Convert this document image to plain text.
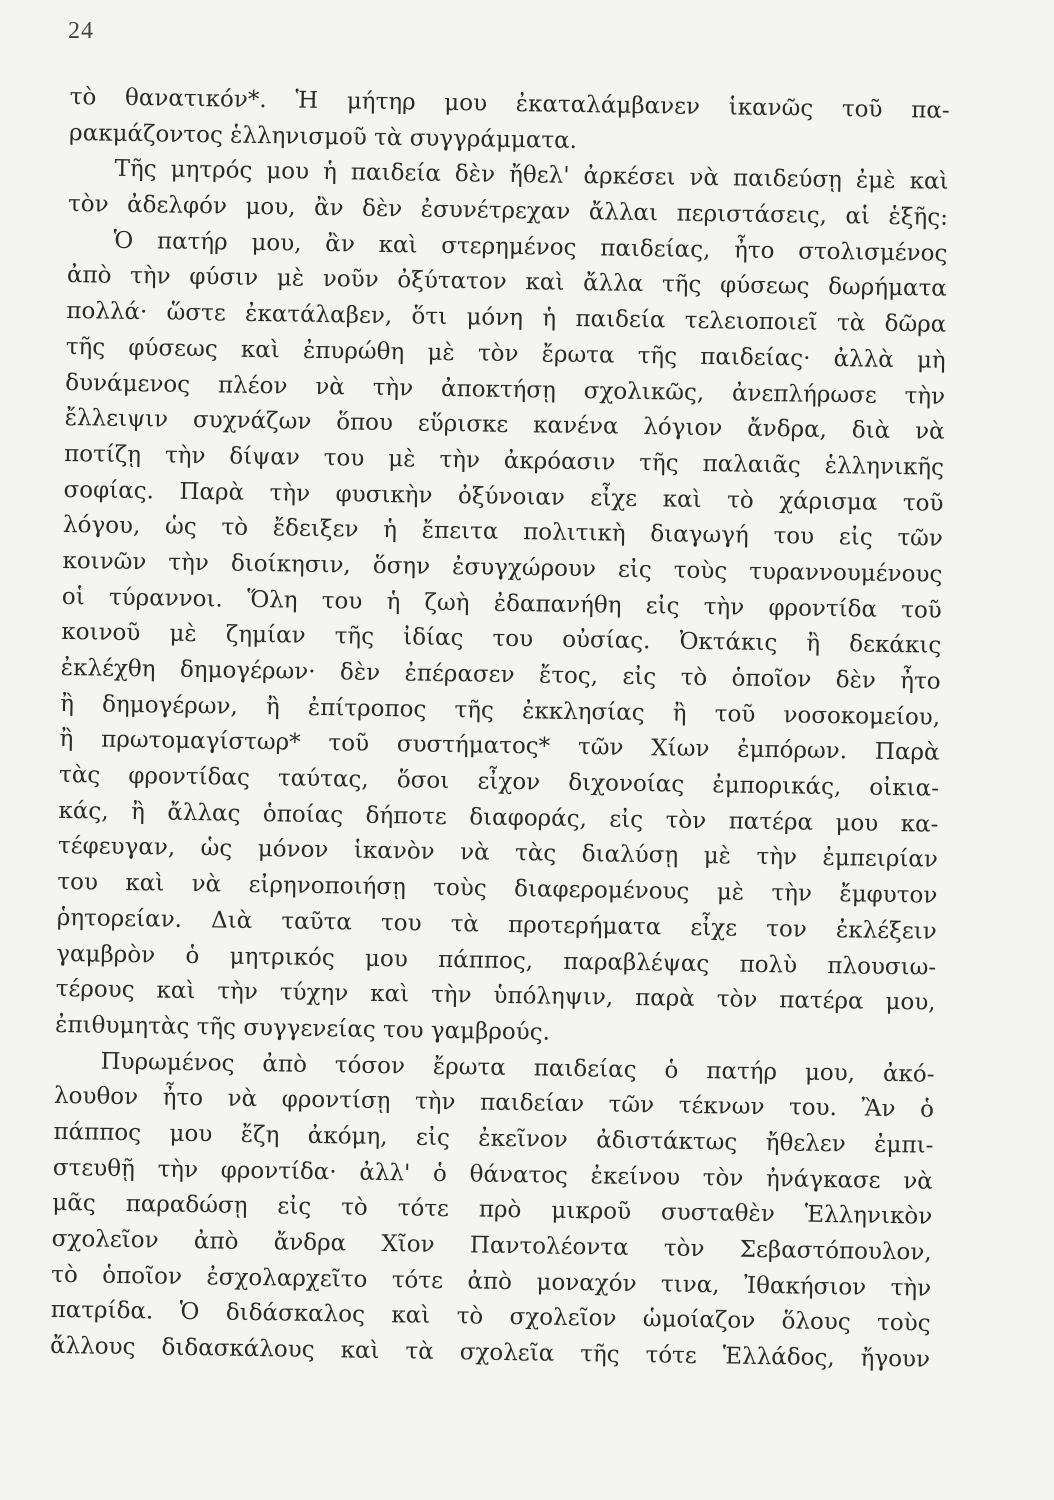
24
τὸ θανατικόν*. Ἡ μήτηρ μου ἐκαταλάμβανεν ἱκανῶς τοῦ πα-
ρακμάζοντος ἑλληνισμοῦ τὰ συγγράμματα.
Τῆς μητρός μου ἡ παιδεία δὲν ἤθελ' ἀρκέσει νὰ παιδεύσῃ ἐμὲ καὶ
τὸν ἀδελφόν μου, ἂν δὲν ἐσυνέτρεχαν ἄλλαι περιστάσεις, αἱ ἑξῆς:
Ὁ πατήρ μου, ἂν καὶ στερημένος παιδείας, ἦτο στολισμένος
ἀπὸ τὴν φύσιν μὲ νοῦν ὀξύτατον καὶ ἄλλα τῆς φύσεως δωρήματα
πολλά· ὥστε ἐκατάλαβεν, ὅτι μόνη ἡ παιδεία τελειοποιεῖ τὰ δῶρα
τῆς φύσεως καὶ ἐπυρώθη μὲ τὸν ἔρωτα τῆς παιδείας· ἀλλὰ μὴ
δυνάμενος πλέον νὰ τὴν ἀποκτήσῃ σχολικῶς, ἀνεπλήρωσε τὴν
ἔλλειψιν συχνάζων ὅπου εὕρισκε κανένα λόγιον ἄνδρα, διὰ νὰ
ποτίζῃ τὴν δίψαν του μὲ τὴν ἀκρόασιν τῆς παλαιᾶς ἑλληνικῆς
σοφίας. Παρὰ τὴν φυσικὴν ὀξύνοιαν εἶχε καὶ τὸ χάρισμα τοῦ
λόγου, ὡς τὸ ἔδειξεν ἡ ἔπειτα πολιτικὴ διαγωγή του εἰς τῶν
κοινῶν τὴν διοίκησιν, ὅσην ἐσυγχώρουν εἰς τοὺς τυραννουμένους
οἱ τύραννοι. Ὅλη του ἡ ζωὴ ἐδαπανήθη εἰς τὴν φροντίδα τοῦ
κοινοῦ μὲ ζημίαν τῆς ἰδίας του οὐσίας. Ὀκτάκις ἢ δεκάκις
ἐκλέχθη δημογέρων· δὲν ἐπέρασεν ἔτος, εἰς τὸ ὁποῖον δὲν ἦτο
ἢ δημογέρων, ἢ ἐπίτροπος τῆς ἐκκλησίας ἢ τοῦ νοσοκομείου,
ἢ πρωτομαγίστωρ* τοῦ συστήματος* τῶν Χίων ἐμπόρων. Παρὰ
τὰς φροντίδας ταύτας, ὅσοι εἶχον διχονοίας ἐμπορικάς, οἰκια-
κάς, ἢ ἄλλας ὁποίας δήποτε διαφοράς, εἰς τὸν πατέρα μου κα-
τέφευγαν, ὡς μόνον ἱκανὸν νὰ τὰς διαλύσῃ μὲ τὴν ἐμπειρίαν
του καὶ νὰ εἰρηνοποιήσῃ τοὺς διαφερομένους μὲ τὴν ἔμφυτον
ῥητορείαν. Διὰ ταῦτα του τὰ προτερήματα εἶχε τον ἐκλέξειν
γαμβρὸν ὁ μητρικός μου πάππος, παραβλέψας πολὺ πλουσιω-
τέρους καὶ τὴν τύχην καὶ τὴν ὑπόληψιν, παρὰ τὸν πατέρα μου,
ἐπιθυμητὰς τῆς συγγενείας του γαμβρούς.
Πυρωμένος ἀπὸ τόσον ἔρωτα παιδείας ὁ πατήρ μου, ἀκό-
λουθον ἦτο νὰ φροντίσῃ τὴν παιδείαν τῶν τέκνων του. Ἂν ὁ
πάππος μου ἔζη ἀκόμη, εἰς ἐκεῖνον ἀδιστάκτως ἤθελεν ἐμπι-
στευθῇ τὴν φροντίδα· ἀλλ' ὁ θάνατος ἐκείνου τὸν ἠνάγκασε νὰ
μᾶς παραδώσῃ εἰς τὸ τότε πρὸ μικροῦ συσταθὲν Ἑλληνικὸν
σχολεῖον ἀπὸ ἄνδρα Χῖον Παντολέοντα τὸν Σεβαστόπουλον,
τὸ ὁποῖον ἐσχολαρχεῖτο τότε ἀπὸ μοναχόν τινα, Ἰθακήσιον τὴν
πατρίδα. Ὁ διδάσκαλος καὶ τὸ σχολεῖον ὡμοίαζον ὅλους τοὺς
ἄλλους διδασκάλους καὶ τὰ σχολεῖα τῆς τότε Ἑλλάδος, ἤγουν
